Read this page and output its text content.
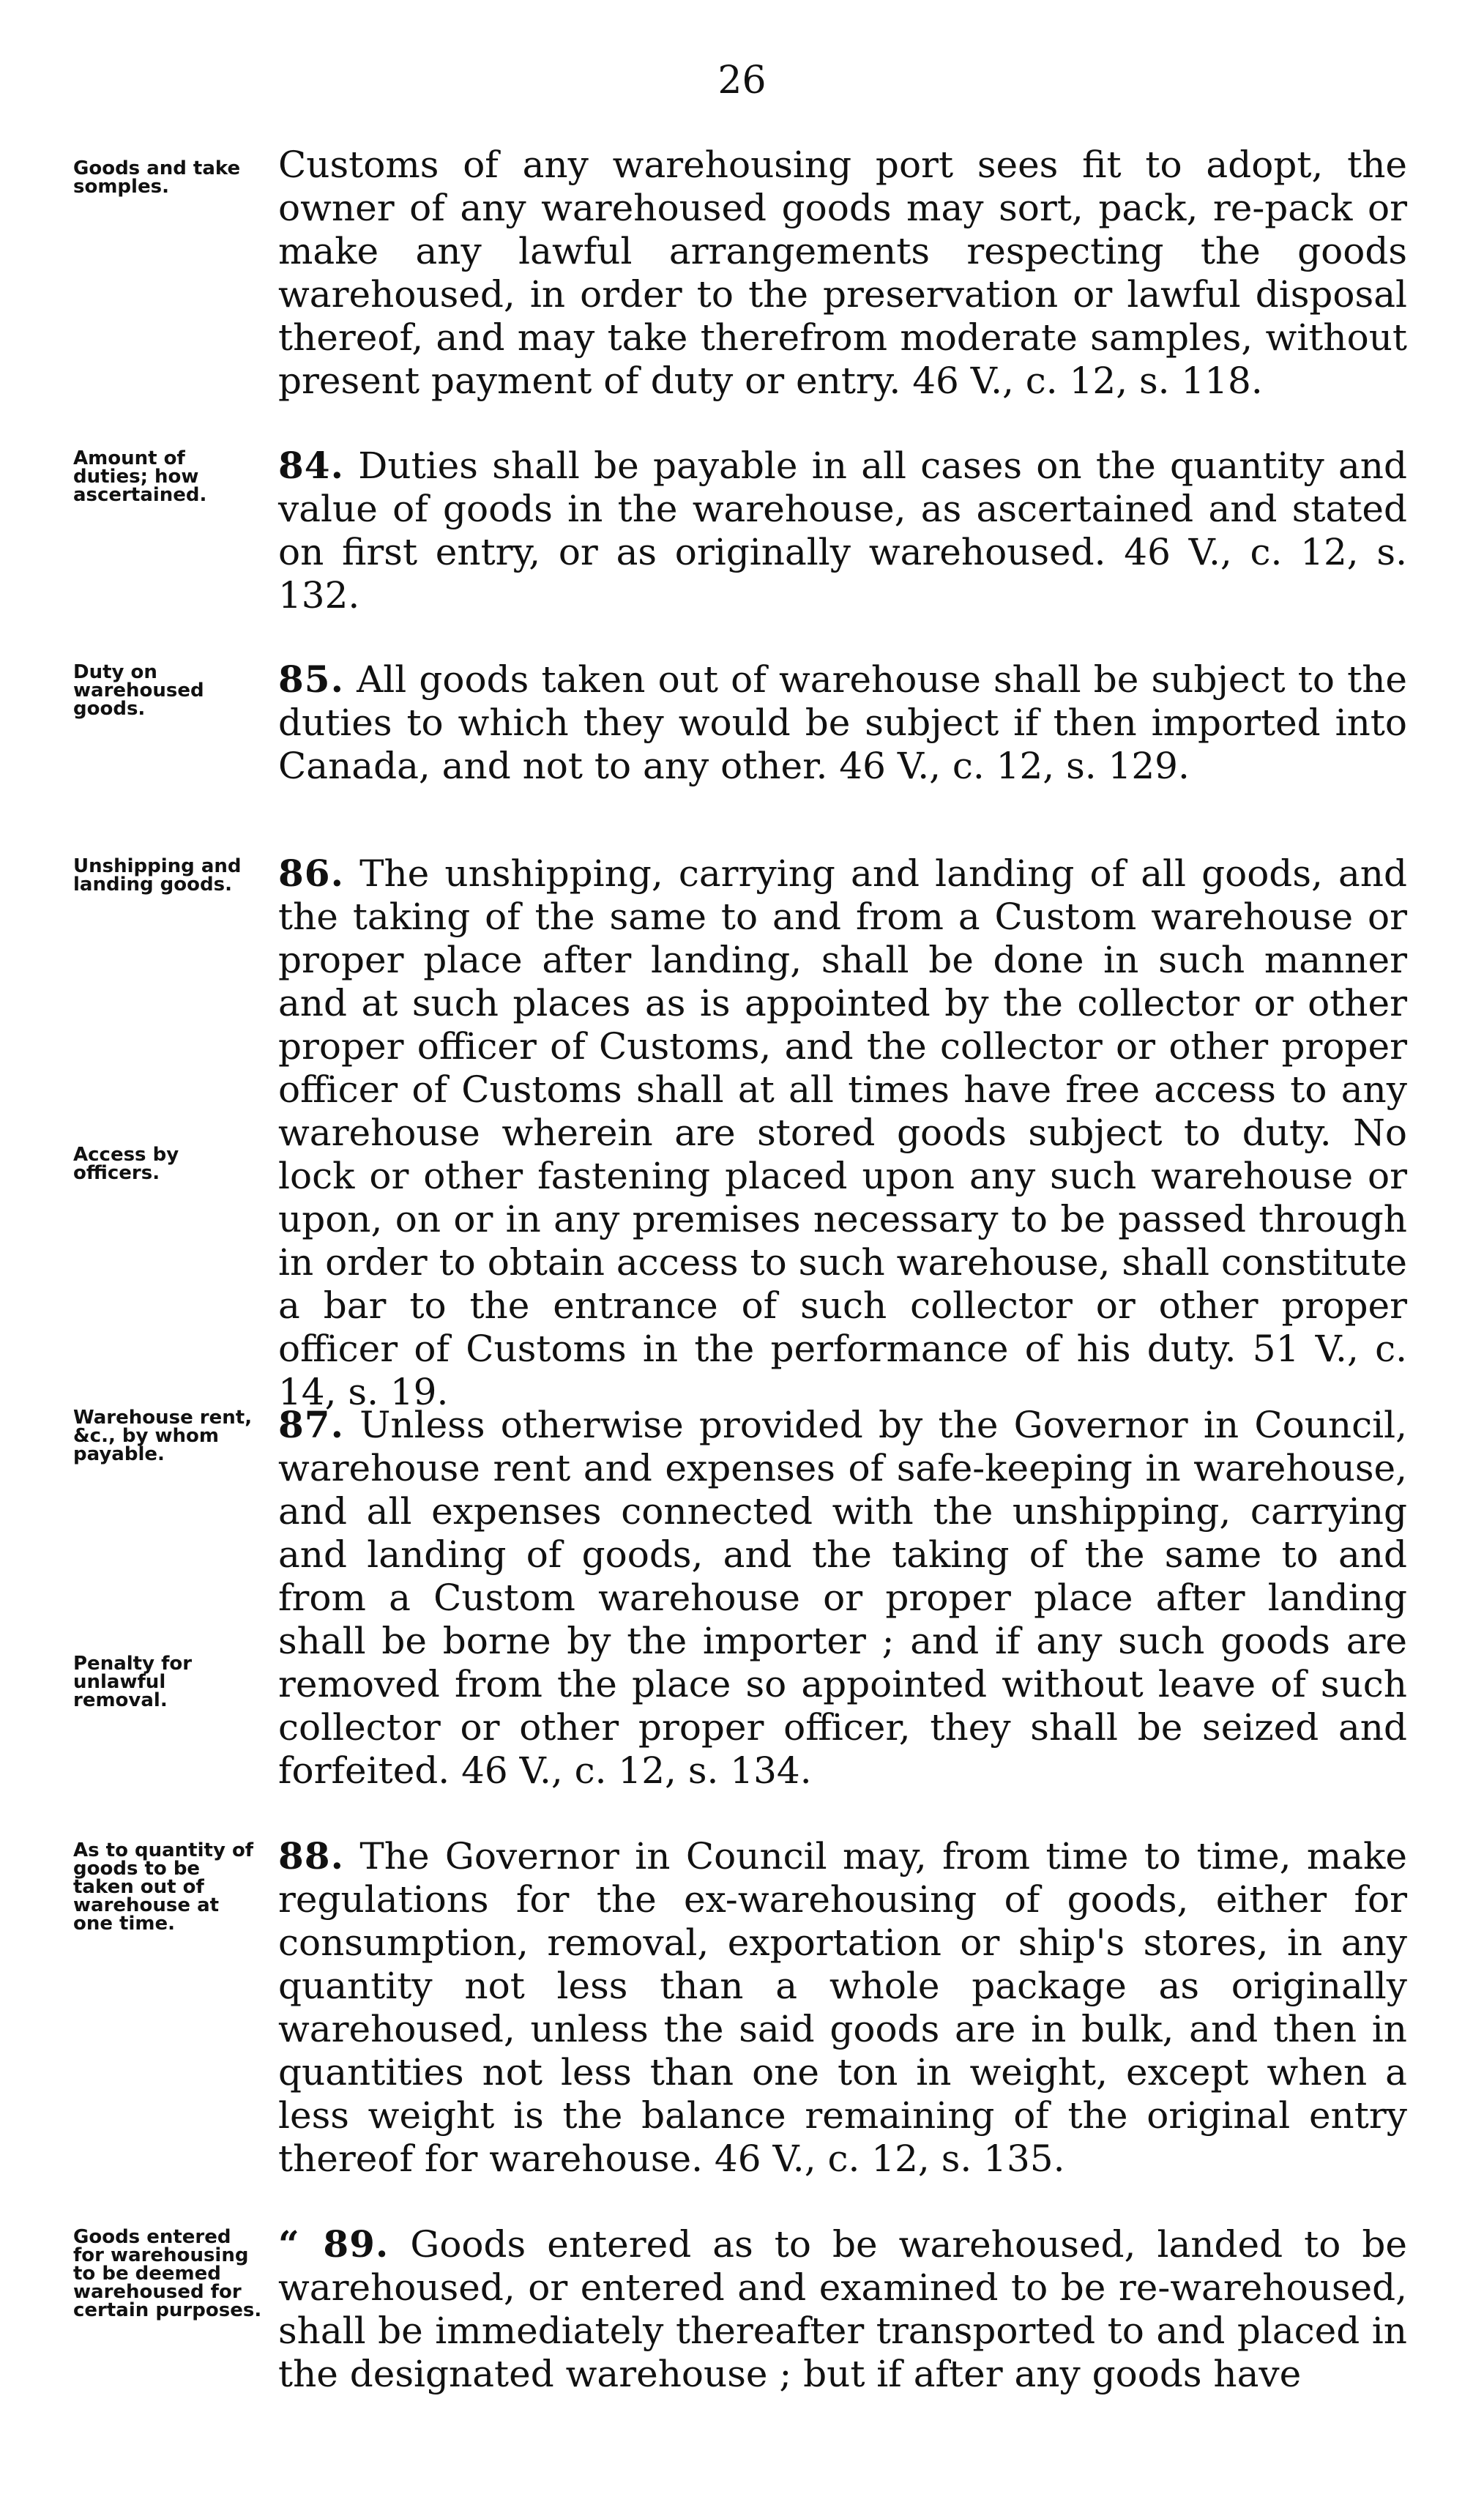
26
Goods and take somples.
Customs of any warehousing port sees fit to adopt, the owner of any warehoused goods may sort, pack, re-pack or make any lawful arrangements respecting the goods warehoused, in order to the preservation or lawful disposal thereof, and may take therefrom moderate samples, without present payment of duty or entry. 46 V., c. 12, s. 118.
Amount of duties; how ascertained.
84. Duties shall be payable in all cases on the quantity and value of goods in the warehouse, as ascertained and stated on first entry, or as originally warehoused. 46 V., c. 12, s. 132.
Duty on warehoused goods.
85. All goods taken out of warehouse shall be subject to the duties to which they would be subject if then imported into Canada, and not to any other. 46 V., c. 12, s. 129.
Unshipping and landing goods.
Access by officers.
86. The unshipping, carrying and landing of all goods, and the taking of the same to and from a Custom warehouse or proper place after landing, shall be done in such manner and at such places as is appointed by the collector or other proper officer of Customs, and the collector or other proper officer of Customs shall at all times have free access to any warehouse wherein are stored goods subject to duty. No lock or other fastening placed upon any such warehouse or upon, on or in any premises necessary to be passed through in order to obtain access to such warehouse, shall constitute a bar to the entrance of such collector or other proper officer of Customs in the performance of his duty. 51 V., c. 14, s. 19.
Warehouse rent, &c., by whom payable.
Penalty for unlawful removal.
87. Unless otherwise provided by the Governor in Council, warehouse rent and expenses of safe-keeping in warehouse, and all expenses connected with the unshipping, carrying and landing of goods, and the taking of the same to and from a Custom warehouse or proper place after landing shall be borne by the importer ; and if any such goods are removed from the place so appointed without leave of such collector or other proper officer, they shall be seized and forfeited. 46 V., c. 12, s. 134.
As to quantity of goods to be taken out of warehouse at one time.
88. The Governor in Council may, from time to time, make regulations for the ex-warehousing of goods, either for consumption, removal, exportation or ship's stores, in any quantity not less than a whole package as originally warehoused, unless the said goods are in bulk, and then in quantities not less than one ton in weight, except when a less weight is the balance remaining of the original entry thereof for warehouse. 46 V., c. 12, s. 135.
Goods entered for warehousing to be deemed warehoused for certain purposes.
“ 89. Goods entered as to be warehoused, landed to be warehoused, or entered and examined to be re-warehoused, shall be immediately thereafter transported to and placed in the designated warehouse ; but if after any goods have
